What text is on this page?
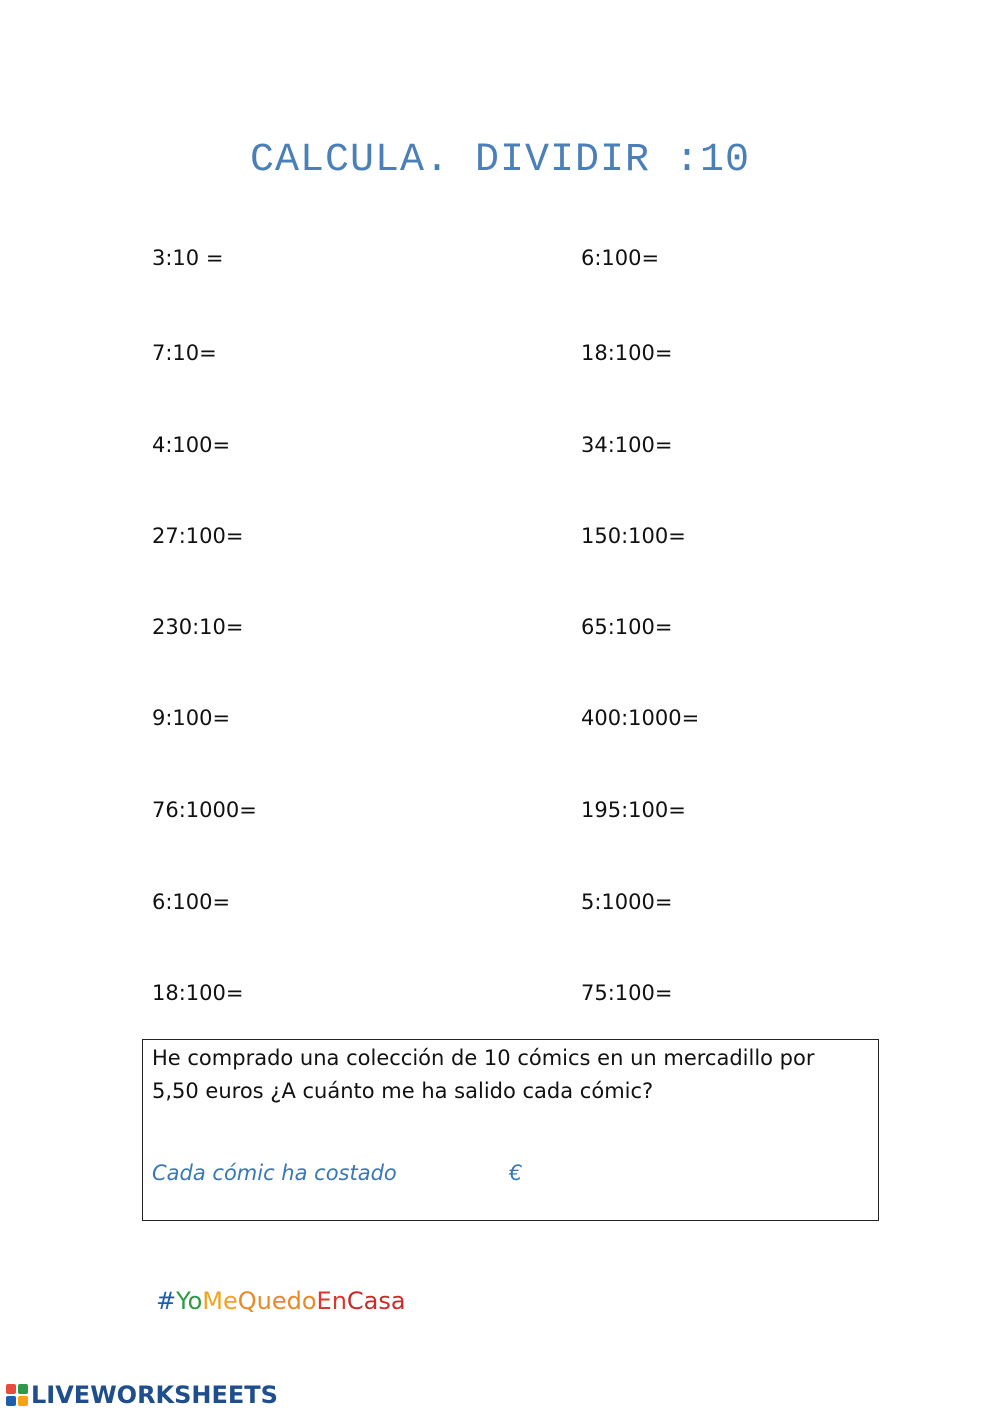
CALCULA. DIVIDIR :10
3:10 =
7:10=
4:100=
27:100=
230:10=
9:100=
76:1000=
6:100=
18:100=
6:100=
18:100=
34:100=
150:100=
65:100=
400:1000=
195:100=
5:1000=
75:100=
He comprado una colección de 10 cómics en un mercadillo por 5,50 euros ¿A cuánto me ha salido cada cómic?
Cada cómic ha costado	€
#YoMeQuedoEnCasa
LIVEWORKSHEETS
